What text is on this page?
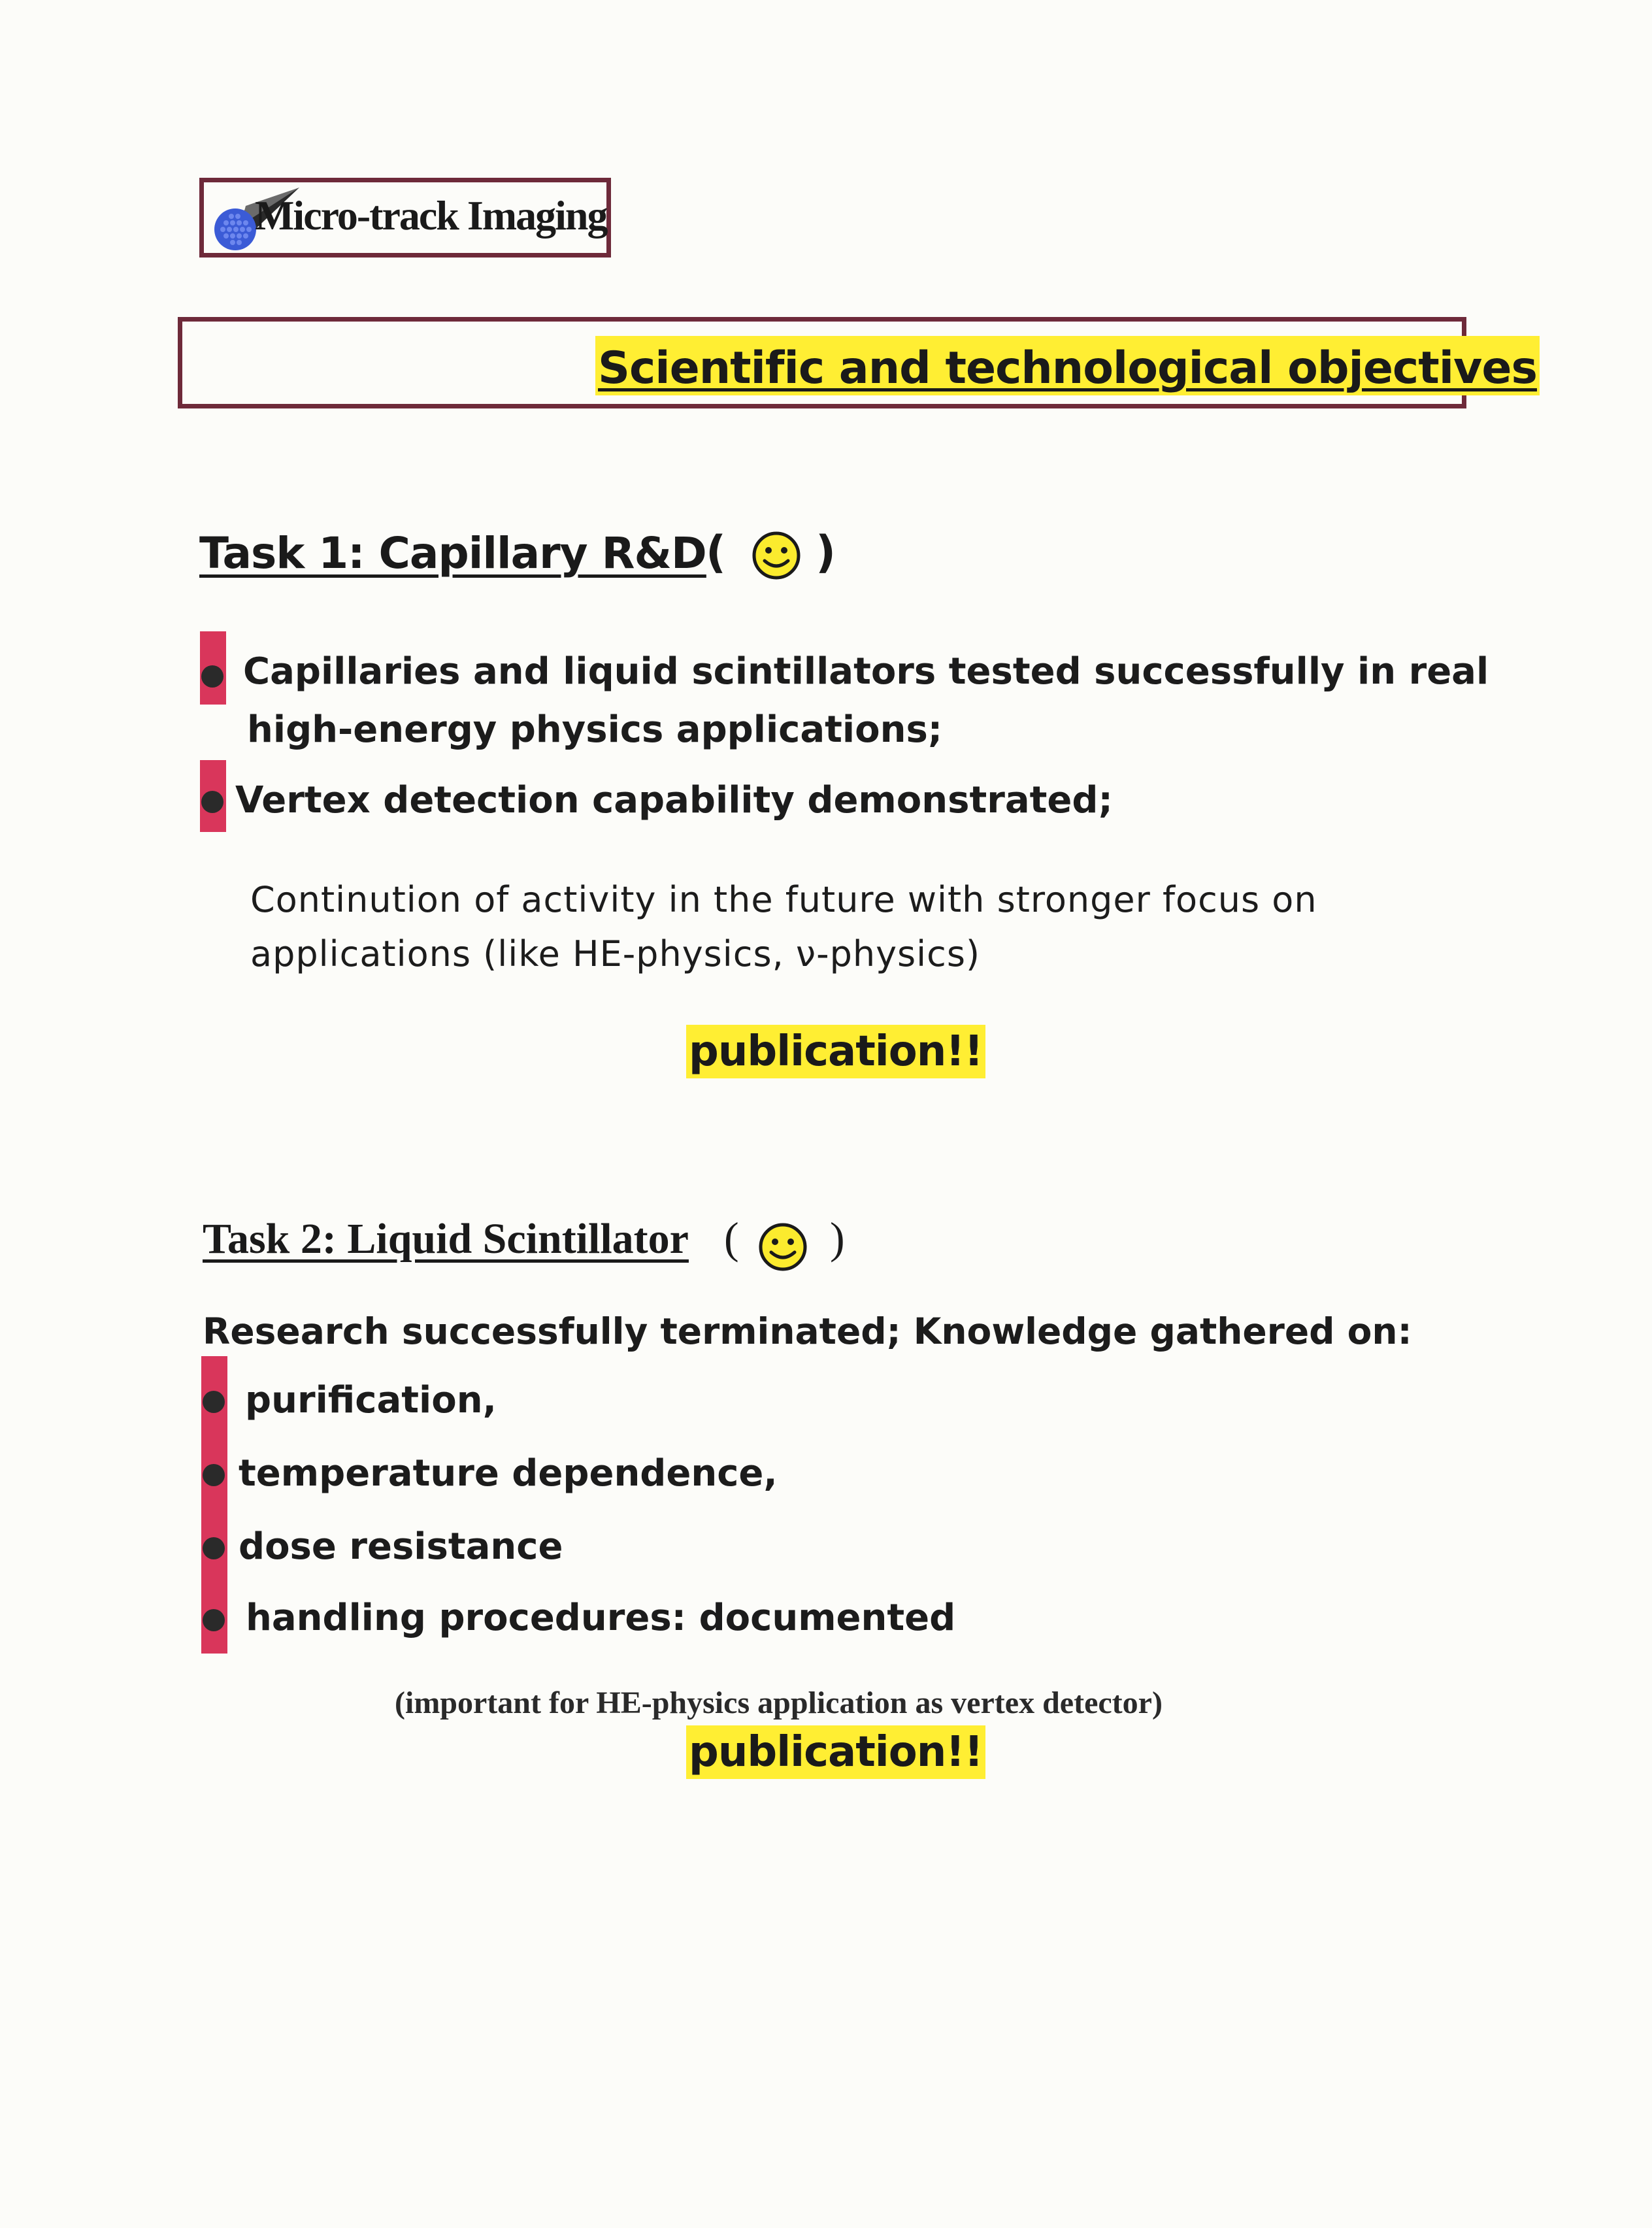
Micro-track Imaging
Scientific and technological objectives
Task 1: Capillary R&D ( )
Capillaries and liquid scintillators tested successfully in real
high-energy physics applications;
Vertex detection capability demonstrated;
Continution of activity in the future with stronger focus on
applications (like HE-physics, ν-physics)
publication!!
Task 2: Liquid Scintillator ( )
Research successfully terminated; Knowledge gathered on:
purification,
temperature dependence,
dose resistance
handling procedures: documented
(important for HE-physics application as vertex detector)
publication!!
